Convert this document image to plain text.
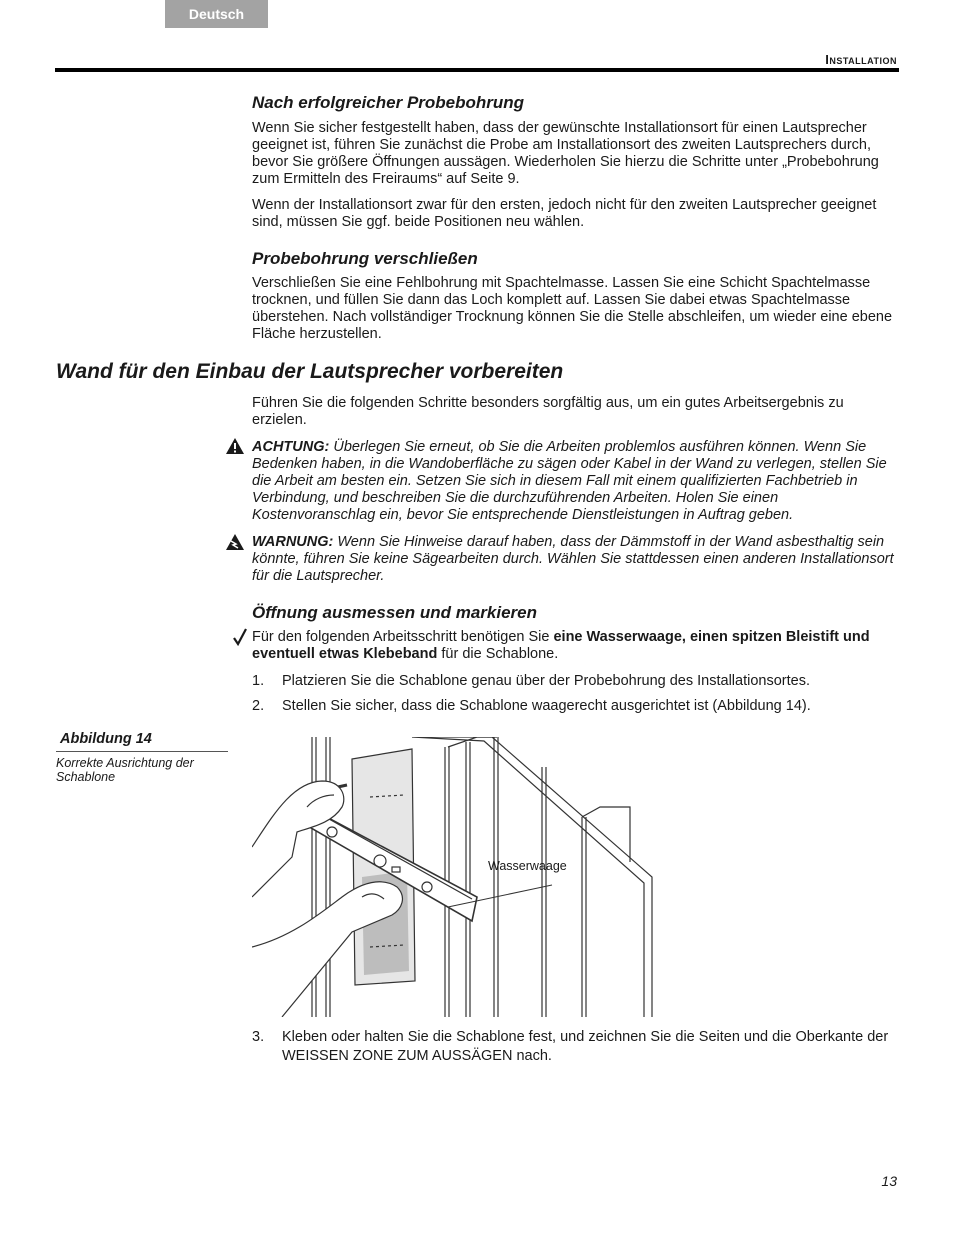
Deutsch
Installation
Nach erfolgreicher Probebohrung

Wenn Sie sicher festgestellt haben, dass der gewünschte Installationsort für einen Lautsprecher geeignet ist, führen Sie zunächst die Probe am Installationsort des zweiten Lautsprechers durch, bevor Sie größere Öffnungen aussägen. Wiederholen Sie hierzu die Schritte unter „Probebohrung zum Ermitteln des Freiraums“ auf Seite 9.

Wenn der Installationsort zwar für den ersten, jedoch nicht für den zweiten Lautsprecher geeignet sind, müssen Sie ggf. beide Positionen neu wählen.

Probebohrung verschließen

Verschließen Sie eine Fehlbohrung mit Spachtelmasse. Lassen Sie eine Schicht Spachtelmasse trocknen, und füllen Sie dann das Loch komplett auf. Lassen Sie dabei etwas Spachtelmasse überstehen. Nach vollständiger Trocknung können Sie die Stelle abschleifen, um wieder eine ebene Fläche herzustellen.

Wand für den Einbau der Lautsprecher vorbereiten
Führen Sie die folgenden Schritte besonders sorgfältig aus, um ein gutes Arbeitsergebnis zu erzielen.
ACHTUNG: Überlegen Sie erneut, ob Sie die Arbeiten problemlos ausführen können. Wenn Sie Bedenken haben, in die Wandoberfläche zu sägen oder Kabel in der Wand zu verlegen, stellen Sie die Arbeit am besten ein. Setzen Sie sich in diesem Fall mit einem qualifizierten Fachbetrieb in Verbindung, und beschreiben Sie die durchzuführenden Arbeiten. Holen Sie einen Kostenvoranschlag ein, bevor Sie entsprechende Dienstleistungen in Auftrag geben.
WARNUNG: Wenn Sie Hinweise darauf haben, dass der Dämmstoff in der Wand asbesthaltig sein könnte, führen Sie keine Sägearbeiten durch. Wählen Sie stattdessen einen anderen Installationsort für die Lautsprecher.
Öffnung ausmessen und markieren
Für den folgenden Arbeitsschritt benötigen Sie eine Wasserwaage, einen spitzen Bleistift und eventuell etwas Klebeband für die Schablone.
1. Platzieren Sie die Schablone genau über der Probebohrung des Installationsortes.
2. Stellen Sie sicher, dass die Schablone waagerecht ausgerichtet ist (Abbildung 14).
Abbildung 14
Korrekte Ausrichtung der Schablone
Wasserwaage
3. Kleben oder halten Sie die Schablone fest, und zeichnen Sie die Seiten und die Oberkante der WEISSEN ZONE ZUM AUSSÄGEN nach.
13
